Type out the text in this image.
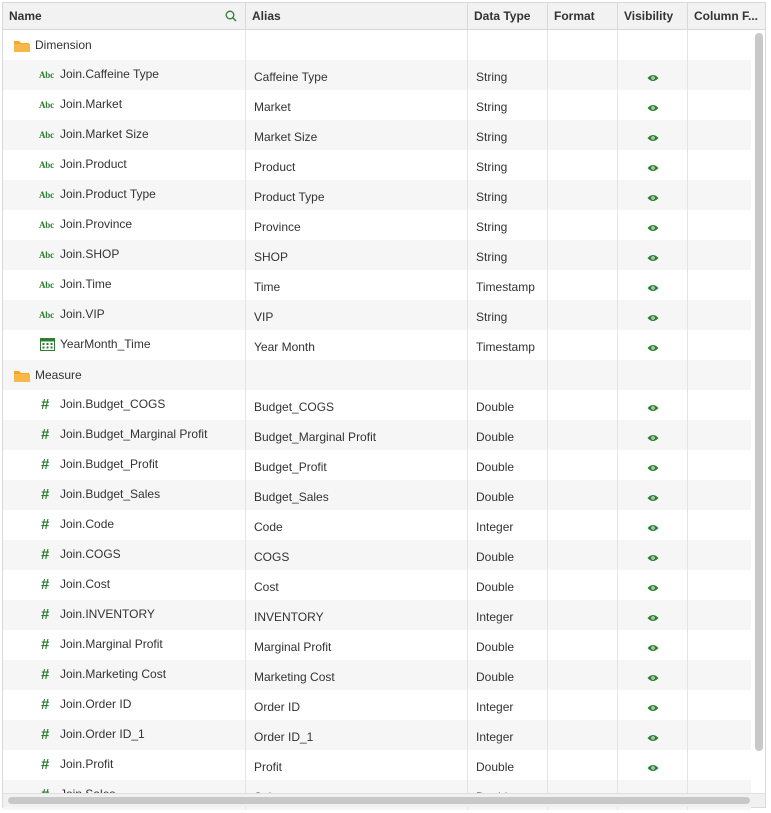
Name	Alias	Data Type	Format	Visibility	Column F...
Dimension
Abc Join.Caffeine Type	Caffeine Type	String
Abc Join.Market	Market	String
Abc Join.Market Size	Market Size	String
Abc Join.Product	Product	String
Abc Join.Product Type	Product Type	String
Abc Join.Province	Province	String
Abc Join.SHOP	SHOP	String
Abc Join.Time	Time	Timestamp
Abc Join.VIP	VIP	String
YearMonth_Time	Year Month	Timestamp
Measure
# Join.Budget_COGS	Budget_COGS	Double
# Join.Budget_Marginal Profit	Budget_Marginal Profit	Double
# Join.Budget_Profit	Budget_Profit	Double
# Join.Budget_Sales	Budget_Sales	Double
# Join.Code	Code	Integer
# Join.COGS	COGS	Double
# Join.Cost	Cost	Double
# Join.INVENTORY	INVENTORY	Integer
# Join.Marginal Profit	Marginal Profit	Double
# Join.Marketing Cost	Marketing Cost	Double
# Join.Order ID	Order ID	Integer
# Join.Order ID_1	Order ID_1	Integer
# Join.Profit	Profit	Double
